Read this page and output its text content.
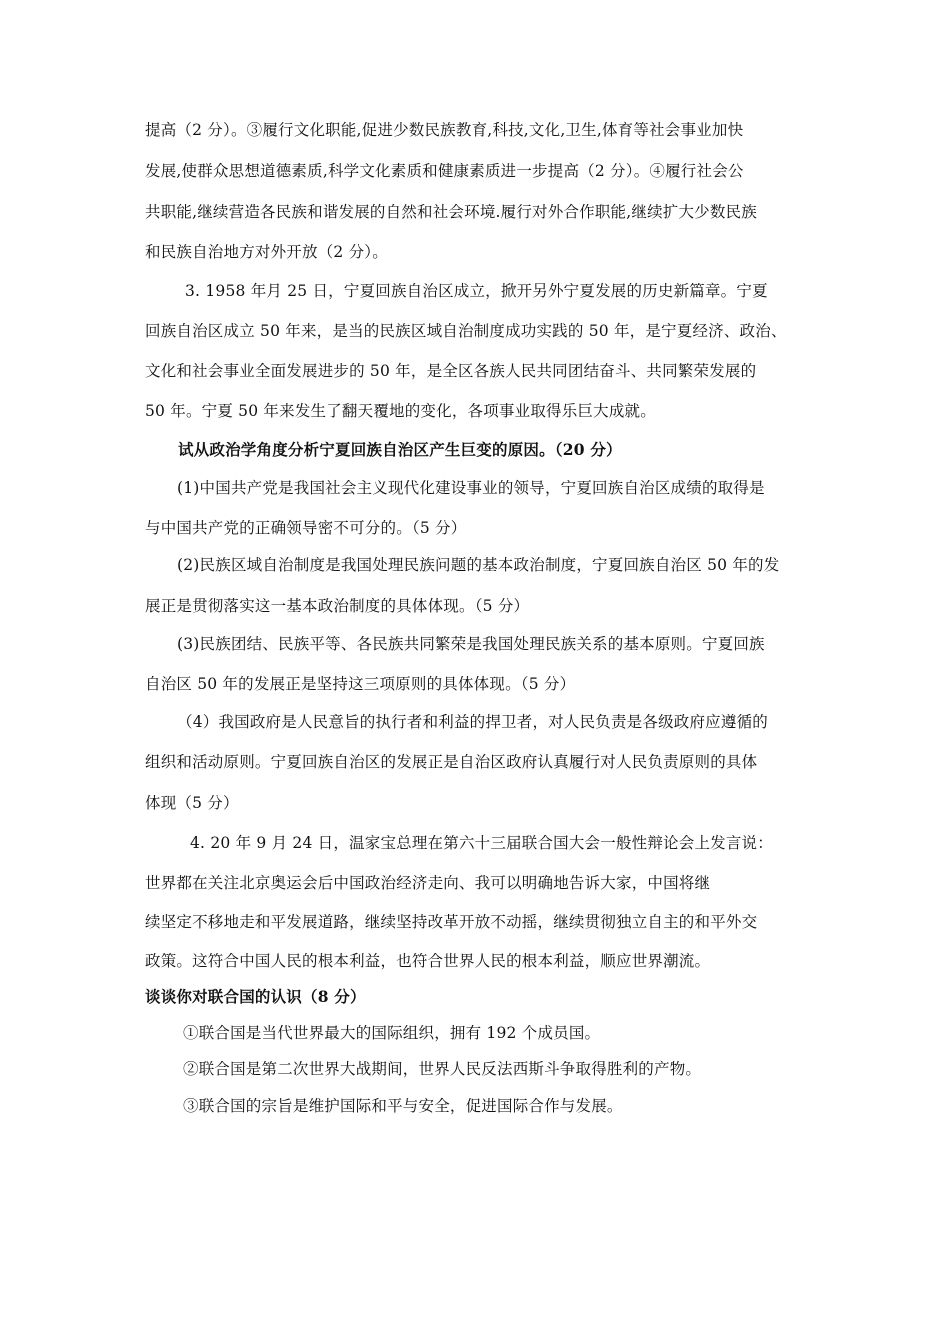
提高（2 分）。③履行文化职能,促进少数民族教育,科技,文化,卫生,体育等社会事业加快
发展,使群众思想道德素质,科学文化素质和健康素质进一步提高（2 分）。④履行社会公
共职能,继续营造各民族和谐发展的自然和社会环境.履行对外合作职能,继续扩大少数民族
和民族自治地方对外开放（2 分）。
3. 1958 年月 25 日，宁夏回族自治区成立，掀开另外宁夏发展的历史新篇章。宁夏
回族自治区成立 50 年来，是当的民族区域自治制度成功实践的 50 年，是宁夏经济、政治、
文化和社会事业全面发展进步的 50 年，是全区各族人民共同团结奋斗、共同繁荣发展的
50 年。宁夏 50 年来发生了翻天覆地的变化，各项事业取得乐巨大成就。
试从政治学角度分析宁夏回族自治区产生巨变的原因。（20 分）
(1)中国共产党是我国社会主义现代化建设事业的领导，宁夏回族自治区成绩的取得是
与中国共产党的正确领导密不可分的。（5 分）
(2)民族区域自治制度是我国处理民族问题的基本政治制度，宁夏回族自治区 50 年的发
展正是贯彻落实这一基本政治制度的具体体现。（5 分）
(3)民族团结、民族平等、各民族共同繁荣是我国处理民族关系的基本原则。宁夏回族
自治区 50 年的发展正是坚持这三项原则的具体体现。（5 分）
（4）我国政府是人民意旨的执行者和利益的捍卫者，对人民负责是各级政府应遵循的
组织和活动原则。宁夏回族自治区的发展正是自治区政府认真履行对人民负责原则的具体
体现（5 分）
4. 20 年 9 月 24 日，温家宝总理在第六十三届联合国大会一般性辩论会上发言说：
世界都在关注北京奥运会后中国政治经济走向、我可以明确地告诉大家，中国将继
续坚定不移地走和平发展道路，继续坚持改革开放不动摇，继续贯彻独立自主的和平外交
政策。这符合中国人民的根本利益，也符合世界人民的根本利益，顺应世界潮流。
谈谈你对联合国的认识（8 分）
①联合国是当代世界最大的国际组织，拥有 192 个成员国。
②联合国是第二次世界大战期间，世界人民反法西斯斗争取得胜利的产物。
③联合国的宗旨是维护国际和平与安全，促进国际合作与发展。
